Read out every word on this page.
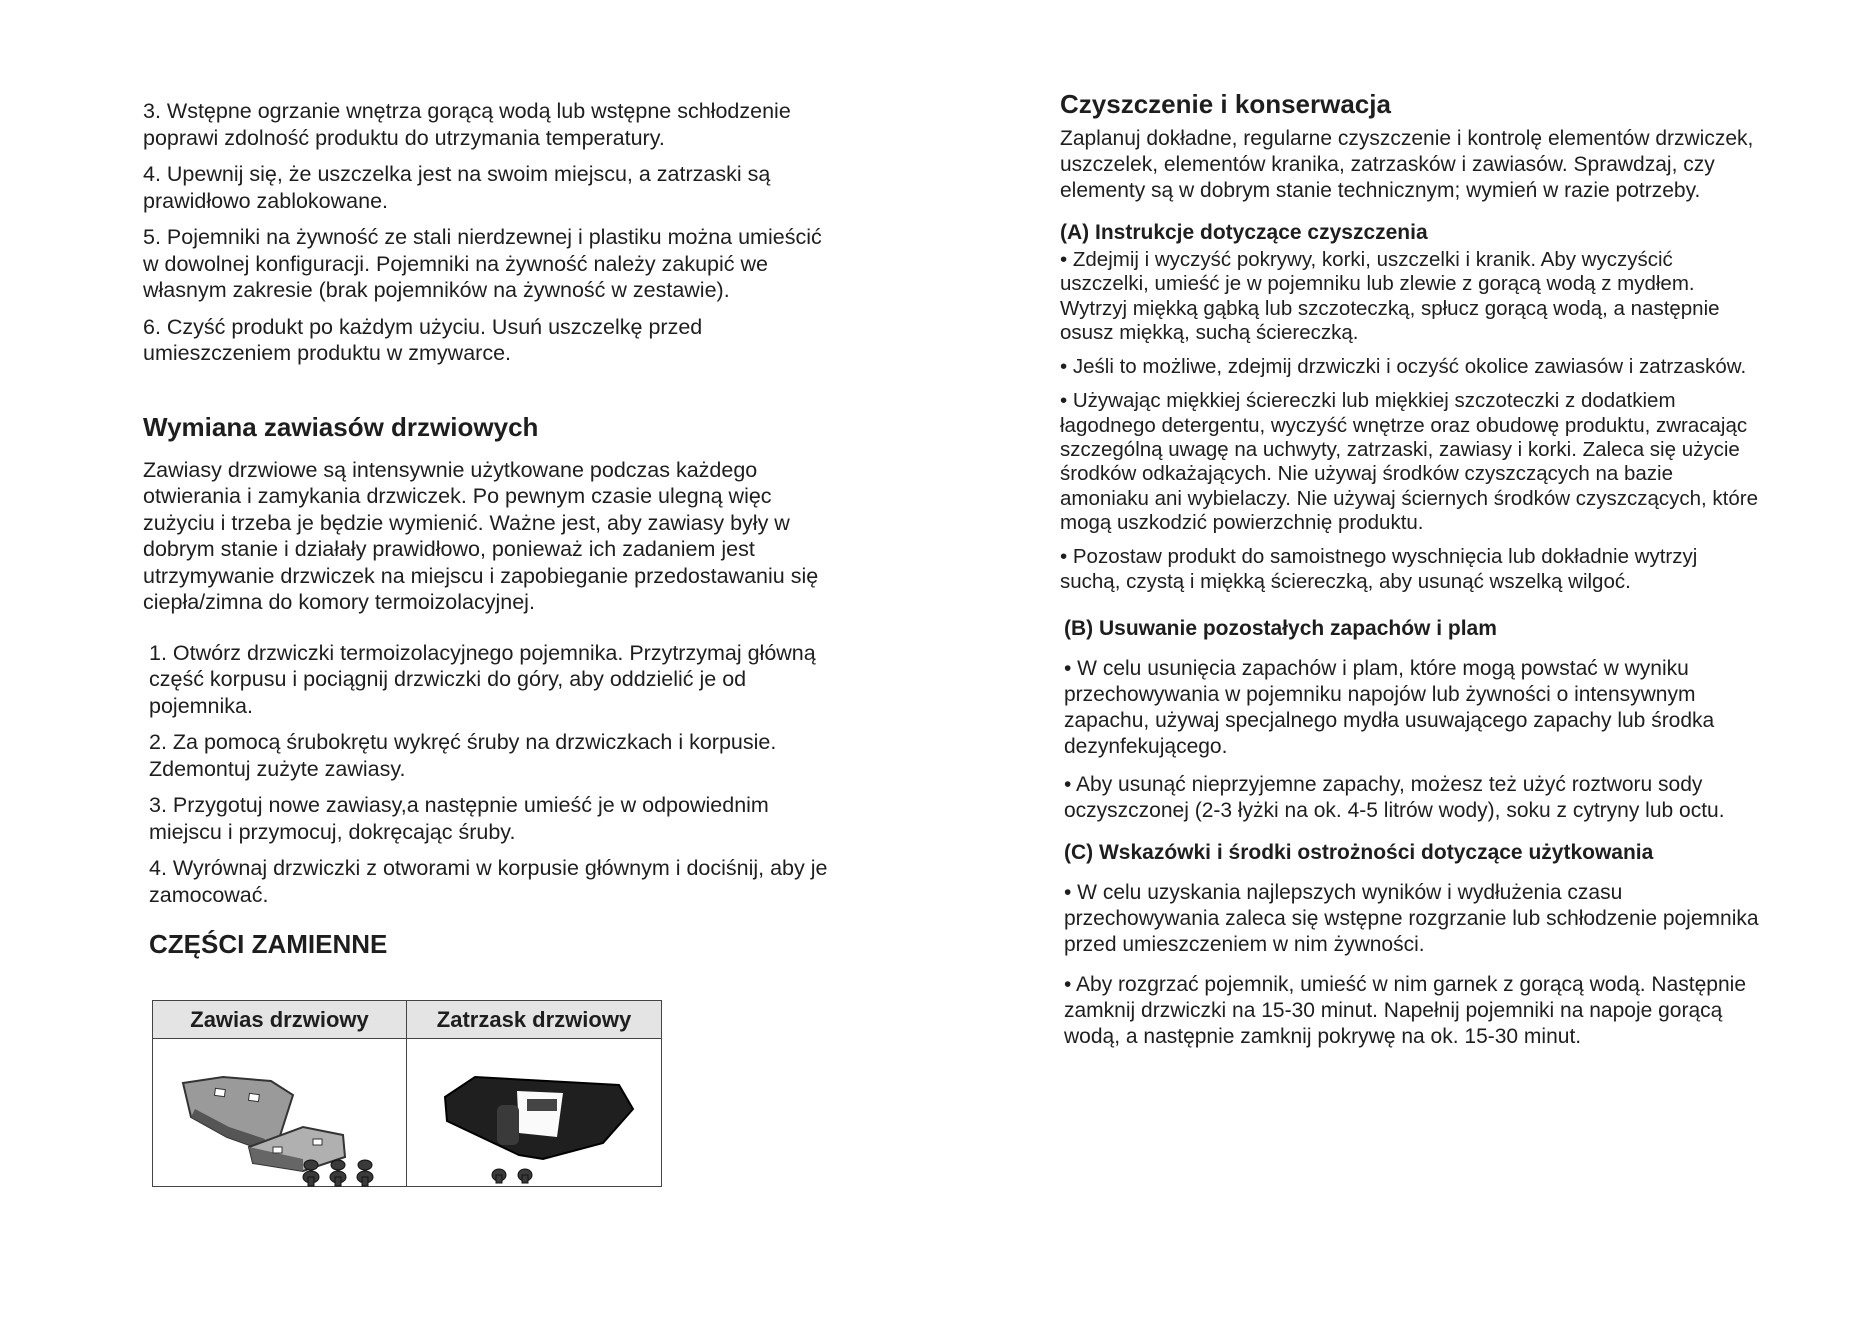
3. Wstępne ogrzanie wnętrza gorącą wodą lub wstępne schłodzenie poprawi zdolność produktu do utrzymania temperatury.

4. Upewnij się, że uszczelka jest na swoim miejscu, a zatrzaski są prawidłowo zablokowane.

5. Pojemniki na żywność ze stali nierdzewnej i plastiku można umieścić w dowolnej konfiguracji. Pojemniki na żywność należy zakupić we własnym zakresie (brak pojemników na żywność w zestawie).

6. Czyść produkt po każdym użyciu. Usuń uszczelkę przed umieszczeniem produktu w zmywarce.

Wymiana zawiasów drzwiowych

Zawiasy drzwiowe są intensywnie użytkowane podczas każdego otwierania i zamykania drzwiczek. Po pewnym czasie ulegną więc zużyciu i trzeba je będzie wymienić. Ważne jest, aby zawiasy były w dobrym stanie i działały prawidłowo, ponieważ ich zadaniem jest utrzymywanie drzwiczek na miejscu i zapobieganie przedostawaniu się ciepła/zimna do komory termoizolacyjnej.

1. Otwórz drzwiczki termoizolacyjnego pojemnika. Przytrzymaj główną część korpusu i pociągnij drzwiczki do góry, aby oddzielić je od pojemnika.

2. Za pomocą śrubokrętu wykręć śruby na drzwiczkach i korpusie. Zdemontuj zużyte zawiasy.

3. Przygotuj nowe zawiasy,a następnie umieść je w odpowiednim miejscu i przymocuj, dokręcając śruby.

4. Wyrównaj drzwiczki z otworami w korpusie głównym i dociśnij, aby je zamocować.

CZĘŚCI ZAMIENNE
Zawias drzwiowy	Zatrzask drzwiowy
Czyszczenie i konserwacja

Zaplanuj dokładne, regularne czyszczenie i kontrolę elementów drzwiczek, uszczelek, elementów kranika, zatrzasków i zawiasów. Sprawdzaj, czy elementy są w dobrym stanie technicznym; wymień w razie potrzeby.

(A) Instrukcje dotyczące czyszczenia

• Zdejmij i wyczyść pokrywy, korki, uszczelki i kranik. Aby wyczyścić uszczelki, umieść je w pojemniku lub zlewie z gorącą wodą z mydłem. Wytrzyj miękką gąbką lub szczoteczką, spłucz gorącą wodą, a następnie osusz miękką, suchą ściereczką.

• Jeśli to możliwe, zdejmij drzwiczki i oczyść okolice zawiasów i zatrzasków.

• Używając miękkiej ściereczki lub miękkiej szczoteczki z dodatkiem łagodnego detergentu, wyczyść wnętrze oraz obudowę produktu, zwracając szczególną uwagę na uchwyty, zatrzaski, zawiasy i korki. Zaleca się użycie środków odkażających. Nie używaj środków czyszczących na bazie amoniaku ani wybielaczy. Nie używaj ściernych środków czyszczących, które mogą uszkodzić powierzchnię produktu.

• Pozostaw produkt do samoistnego wyschnięcia lub dokładnie wytrzyj suchą, czystą i miękką ściereczką, aby usunąć wszelką wilgoć.

(B) Usuwanie pozostałych zapachów i plam

• W celu usunięcia zapachów i plam, które mogą powstać w wyniku przechowywania w pojemniku napojów lub żywności o intensywnym zapachu, używaj specjalnego mydła usuwającego zapachy lub środka dezynfekującego.

• Aby usunąć nieprzyjemne zapachy, możesz też użyć roztworu sody oczyszczonej (2-3 łyżki na ok. 4-5 litrów wody), soku z cytryny lub octu.

(C) Wskazówki i środki ostrożności dotyczące użytkowania

• W celu uzyskania najlepszych wyników i wydłużenia czasu przechowywania zaleca się wstępne rozgrzanie lub schłodzenie pojemnika przed umieszczeniem w nim żywności.

• Aby rozgrzać pojemnik, umieść w nim garnek z gorącą wodą. Następnie zamknij drzwiczki na 15-30 minut. Napełnij pojemniki na napoje gorącą wodą, a następnie zamknij pokrywę na ok. 15-30 minut.
